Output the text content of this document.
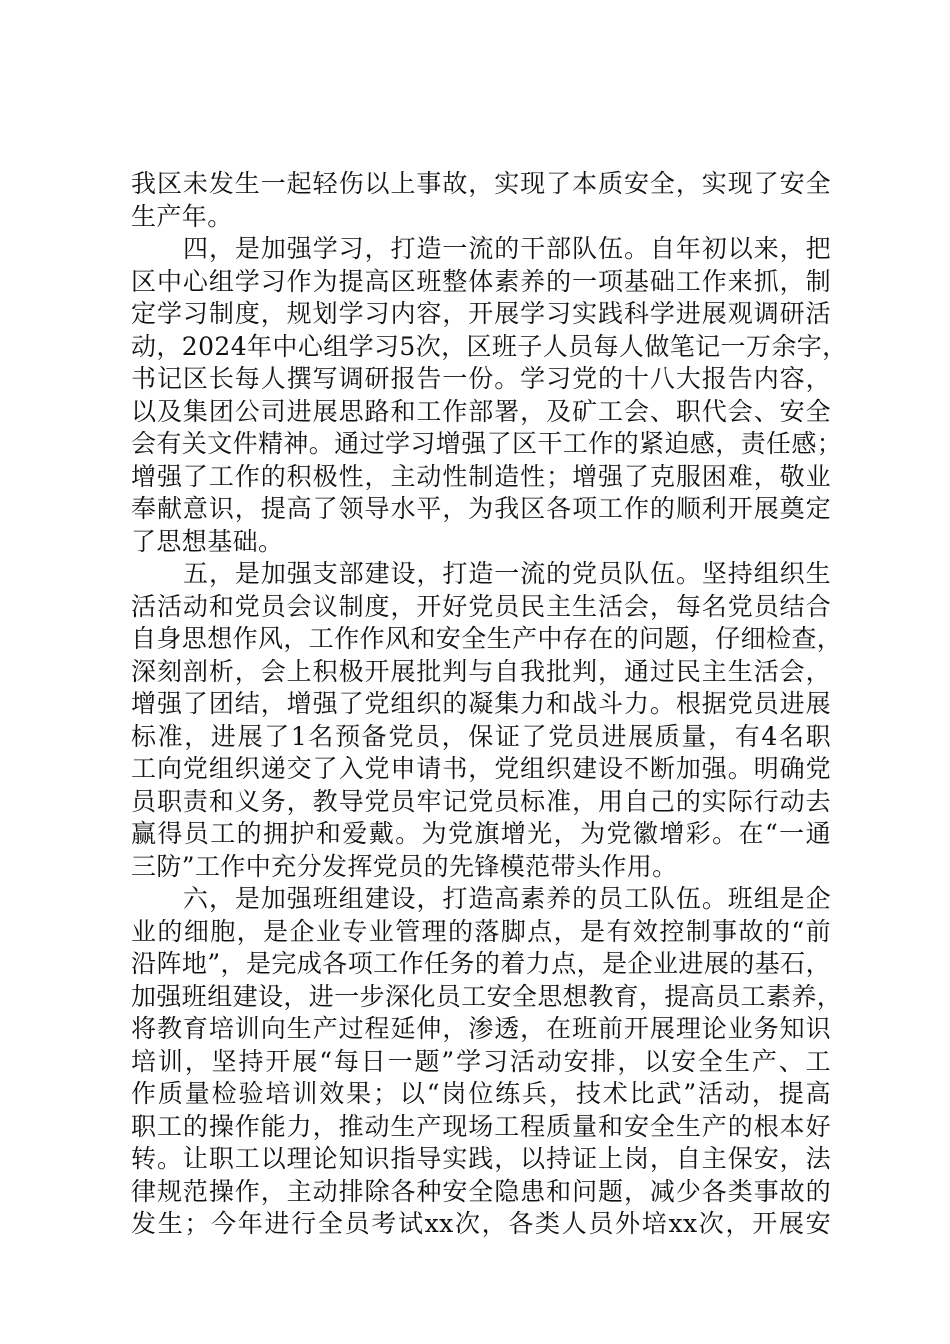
我区未发生一起轻伤以上事故，实现了本质安全，实现了安全
生产年。
四，是加强学习，打造一流的干部队伍。自年初以来，把
区中心组学习作为提高区班整体素养的一项基础工作来抓，制
定学习制度，规划学习内容，开展学习实践科学进展观调研活
动，2024年中心组学习5次，区班子人员每人做笔记一万余字，
书记区长每人撰写调研报告一份。学习党的十八大报告内容，
以及集团公司进展思路和工作部署，及矿工会、职代会、安全
会有关文件精神。通过学习增强了区干工作的紧迫感，责任感；
增强了工作的积极性，主动性制造性；增强了克服困难，敬业
奉献意识，提高了领导水平，为我区各项工作的顺利开展奠定
了思想基础。
五，是加强支部建设，打造一流的党员队伍。坚持组织生
活活动和党员会议制度，开好党员民主生活会，每名党员结合
自身思想作风，工作作风和安全生产中存在的问题，仔细检查，
深刻剖析，会上积极开展批判与自我批判，通过民主生活会，
增强了团结，增强了党组织的凝集力和战斗力。根据党员进展
标准，进展了1名预备党员，保证了党员进展质量，有4名职
工向党组织递交了入党申请书，党组织建设不断加强。明确党
员职责和义务，教导党员牢记党员标准，用自己的实际行动去
赢得员工的拥护和爱戴。为党旗增光，为党徽增彩。在“一通
三防”工作中充分发挥党员的先锋模范带头作用。
六，是加强班组建设，打造高素养的员工队伍。班组是企
业的细胞，是企业专业管理的落脚点，是有效控制事故的“前
沿阵地”，是完成各项工作任务的着力点，是企业进展的基石，
加强班组建设，进一步深化员工安全思想教育，提高员工素养，
将教育培训向生产过程延伸，渗透，在班前开展理论业务知识
培训，坚持开展“每日一题”学习活动安排，以安全生产、工
作质量检验培训效果；以“岗位练兵，技术比武”活动，提高
职工的操作能力，推动生产现场工程质量和安全生产的根本好
转。让职工以理论知识指导实践，以持证上岗，自主保安，法
律规范操作，主动排除各种安全隐患和问题，减少各类事故的
发生；今年进行全员考试xx次，各类人员外培xx次，开展安
